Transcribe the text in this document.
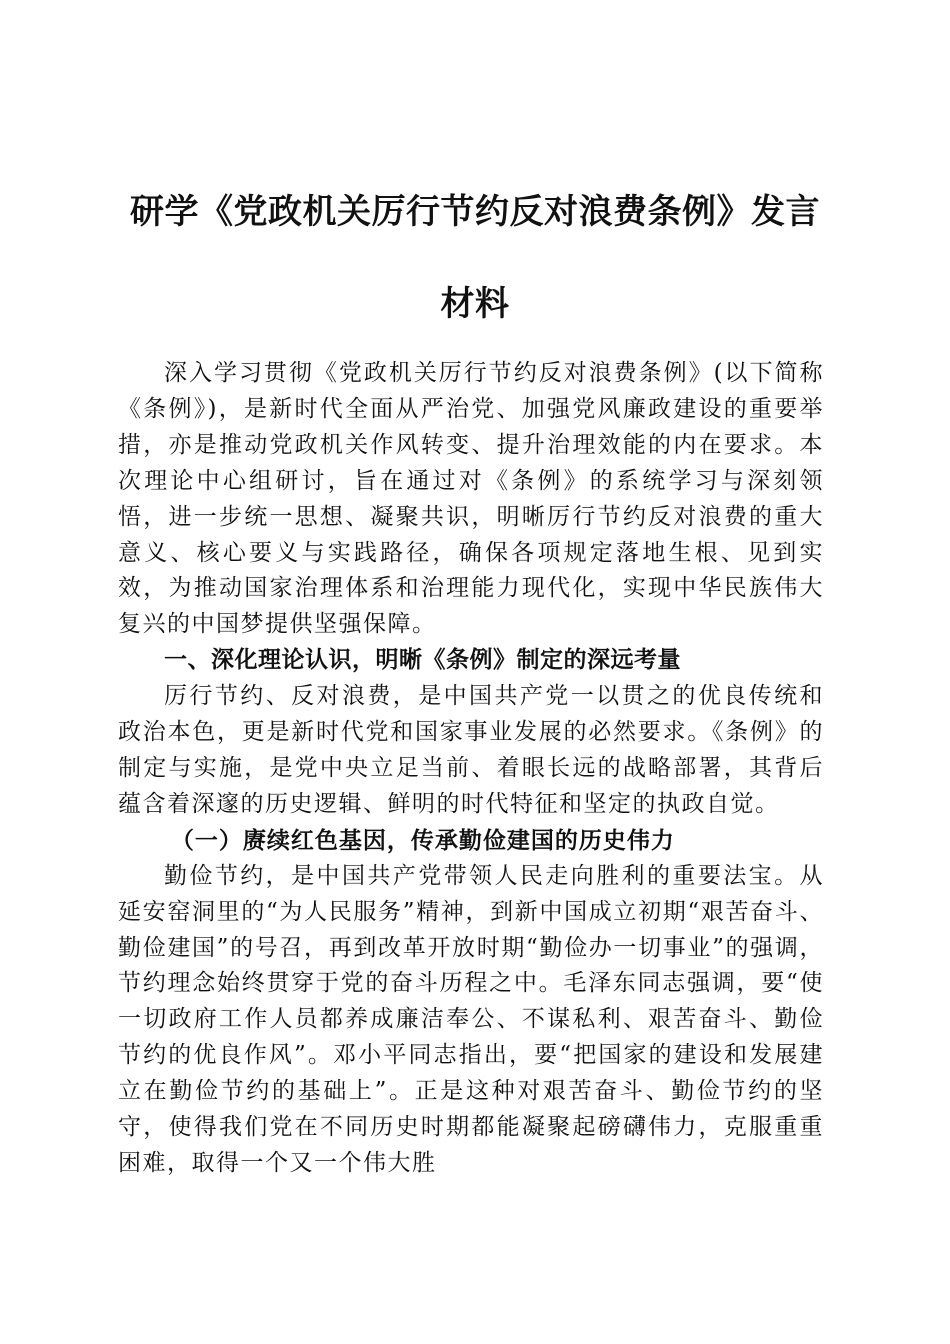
研学《党政机关厉行节约反对浪费条例》发言材料

深入学习贯彻《党政机关厉行节约反对浪费条例》(以下简称《条例》)，是新时代全面从严治党、加强党风廉政建设的重要举措，亦是推动党政机关作风转变、提升治理效能的内在要求。本次理论中心组研讨，旨在通过对《条例》的系统学习与深刻领悟，进一步统一思想、凝聚共识，明晰厉行节约反对浪费的重大意义、核心要义与实践路径，确保各项规定落地生根、见到实效，为推动国家治理体系和治理能力现代化，实现中华民族伟大复兴的中国梦提供坚强保障。

一、深化理论认识，明晰《条例》制定的深远考量

厉行节约、反对浪费，是中国共产党一以贯之的优良传统和政治本色，更是新时代党和国家事业发展的必然要求。《条例》的制定与实施，是党中央立足当前、着眼长远的战略部署，其背后蕴含着深邃的历史逻辑、鲜明的时代特征和坚定的执政自觉。

（一）赓续红色基因，传承勤俭建国的历史伟力

勤俭节约，是中国共产党带领人民走向胜利的重要法宝。从延安窑洞里的“为人民服务”精神，到新中国成立初期“艰苦奋斗、勤俭建国”的号召，再到改革开放时期“勤俭办一切事业”的强调，节约理念始终贯穿于党的奋斗历程之中。毛泽东同志强调，要“使一切政府工作人员都养成廉洁奉公、不谋私利、艰苦奋斗、勤俭节约的优良作风”。邓小平同志指出，要“把国家的建设和发展建立在勤俭节约的基础上”。正是这种对艰苦奋斗、勤俭节约的坚守，使得我们党在不同历史时期都能凝聚起磅礴伟力，克服重重困难，取得一个又一个伟大胜
